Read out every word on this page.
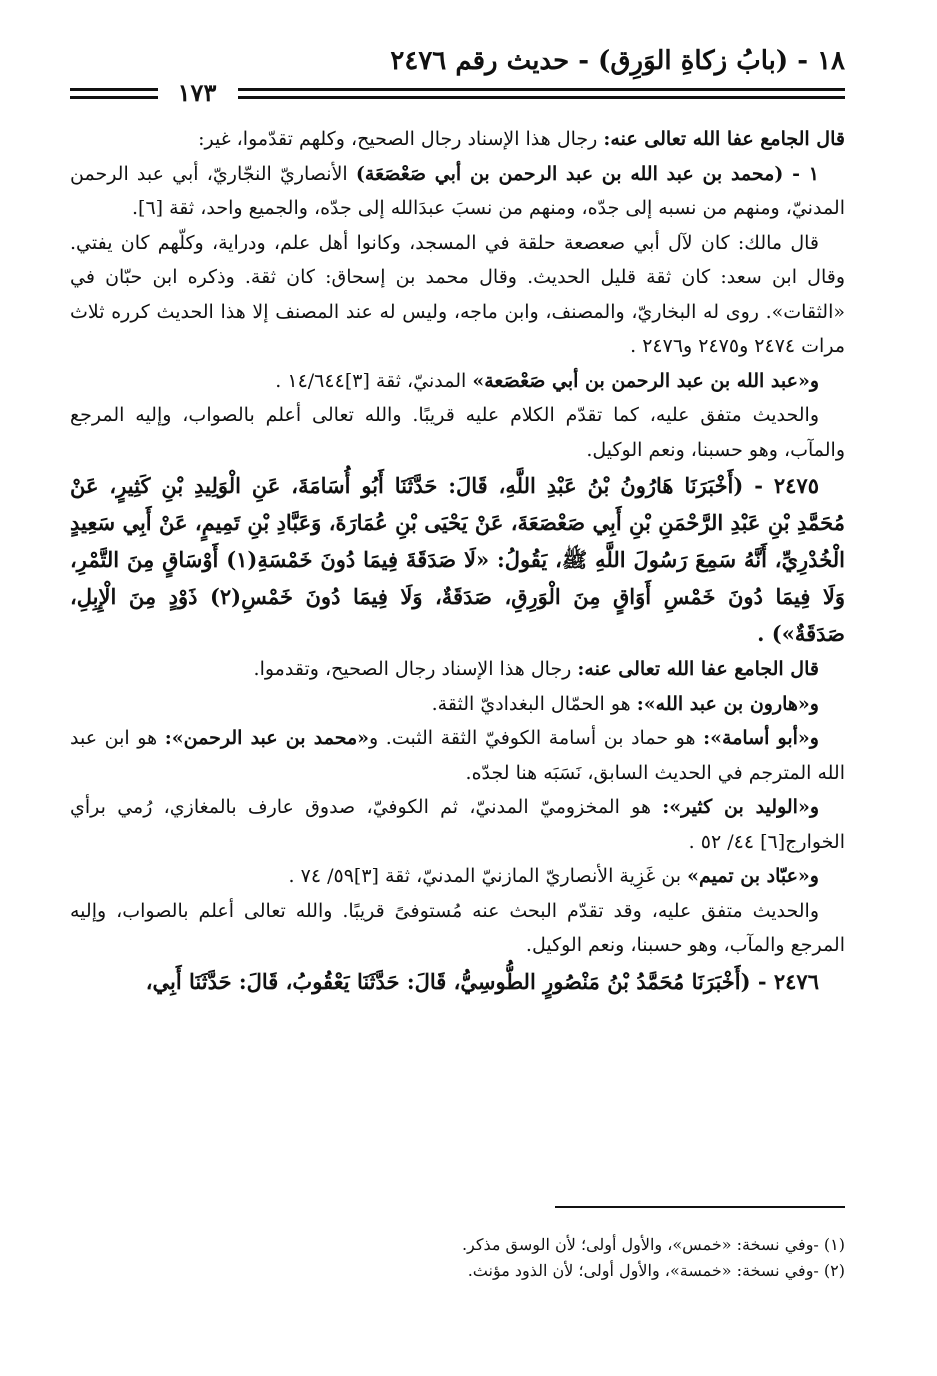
١٨ - (بابُ زكاةِ الوَرِق) - حديث رقم ٢٤٧٦
١٧٣

قال الجامع عفا الله تعالى عنه: رجال هذا الإسناد رجال الصحيح، وكلهم تقدّموا، غير:

١ - (محمد بن عبد الله بن عبد الرحمن بن أبي صَعْصَعَة) الأنصاريّ النجّاريّ، أبي عبد الرحمن المدنيّ، ومنهم من نسبه إلى جدّه، ومنهم من نسبَ عبدَالله إلى جدّه، والجميع واحد، ثقة [٦].

قال مالك: كان لآل أبي صعصعة حلقة في المسجد، وكانوا أهل علم، ودراية، وكلّهم كان يفتي. وقال ابن سعد: كان ثقة قليل الحديث. وقال محمد بن إسحاق: كان ثقة. وذكره ابن حبّان في «الثقات». روى له البخاريّ، والمصنف، وابن ماجه، وليس له عند المصنف إلا هذا الحديث كرره ثلاث مرات ٢٤٧٤ و٢٤٧٥ و٢٤٧٦ .

و«عبد الله بن عبد الرحمن بن أبي صَعْصَعة» المدنيّ، ثقة [٣]١٤/٦٤٤ .

والحديث متفق عليه، كما تقدّم الكلام عليه قريبًا. والله تعالى أعلم بالصواب، وإليه المرجع والمآب، وهو حسبنا، ونعم الوكيل.

٢٤٧٥ - (أَخْبَرَنَا هَارُونُ بْنُ عَبْدِ اللَّهِ، قَالَ: حَدَّثَنَا أَبُو أُسَامَةَ، عَنِ الْوَلِيدِ بْنِ كَثِيرٍ، عَنْ مُحَمَّدِ بْنِ عَبْدِ الرَّحْمَنِ بْنِ أَبِي صَعْصَعَةَ، عَنْ يَحْيَى بْنِ عُمَارَةَ، وَعَبَّادِ بْنِ تَمِيمٍ، عَنْ أَبِي سَعِيدٍ الْخُدْرِيِّ، أَنَّهُ سَمِعَ رَسُولَ اللَّهِ ﷺ، يَقُولُ: «لَا صَدَقَةَ فِيمَا دُونَ خَمْسَةِ(١) أَوْسَاقٍ مِنَ التَّمْرِ، وَلَا فِيمَا دُونَ خَمْسِ أَوَاقٍ مِنَ الْوَرِقِ، صَدَقَةٌ، وَلَا فِيمَا دُونَ خَمْسِ(٢) ذَوْدٍ مِنَ الْإِبِلِ، صَدَقَةٌ») .

قال الجامع عفا الله تعالى عنه: رجال هذا الإسناد رجال الصحيح، وتقدموا.

و«هارون بن عبد الله»: هو الحمّال البغداديّ الثقة.

و«أبو أسامة»: هو حماد بن أسامة الكوفيّ الثقة الثبت. و«محمد بن عبد الرحمن»: هو ابن عبد الله المترجم في الحديث السابق، نَسَبَه هنا لجدّه.

و«الوليد بن كثير»: هو المخزوميّ المدنيّ، ثم الكوفيّ، صدوق عارف بالمغازي، رُمي برأي الخوارج[٦] ٤٤/ ٥٢ .

و«عبّاد بن تميم» بن غَزِية الأنصاريّ المازنيّ المدنيّ، ثقة [٣]٥٩/ ٧٤ .

والحديث متفق عليه، وقد تقدّم البحث عنه مُستوفىً قريبًا. والله تعالى أعلم بالصواب، وإليه المرجع والمآب، وهو حسبنا، ونعم الوكيل.

٢٤٧٦ - (أَخْبَرَنَا مُحَمَّدُ بْنُ مَنْصُورٍ الطُّوسِيُّ، قَالَ: حَدَّثَنَا يَعْقُوبُ، قَالَ: حَدَّثَنَا أَبِي،

(١) -وفي نسخة: «خمس»، والأول أولى؛ لأن الوسق مذكر.

(٢) -وفي نسخة: «خمسة»، والأول أولى؛ لأن الذود مؤنث.
